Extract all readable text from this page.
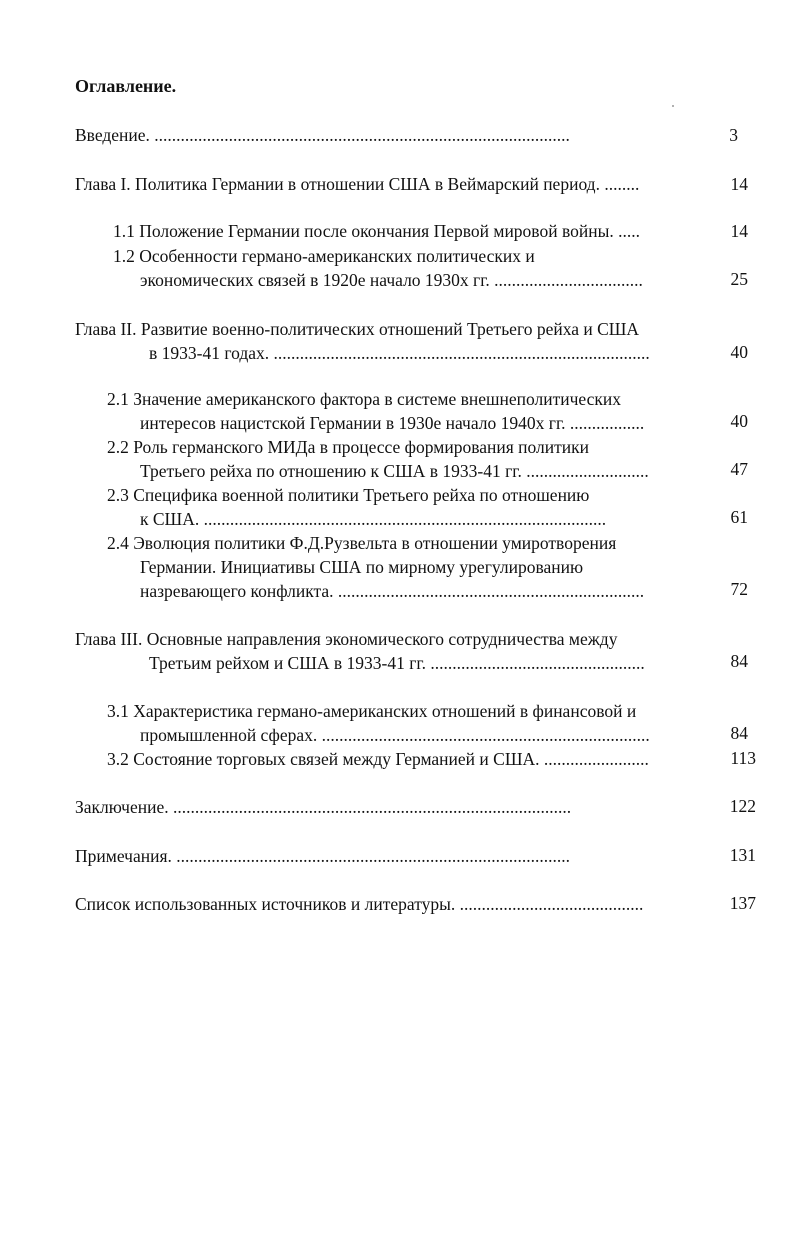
Оглавление.
Введение. ...............................................................................................	3
Глава I. Политика Германии в отношении США в Веймарский период. ........	14
1.1 Положение Германии после окончания Первой мировой войны. .....	14
1.2 Особенности германо-американских политических и
экономических связей в 1920е начало 1930х гг. ..................................	25
Глава II. Развитие военно-политических отношений Третьего рейха и США
в 1933-41 годах. ......................................................................................	40
2.1 Значение американского фактора в системе внешнеполитических
интересов нацистской Германии в 1930е начало 1940х гг. .................	40
2.2 Роль германского МИДа в процессе формирования политики
Третьего рейха по отношению к США в 1933-41 гг. ............................	47
2.3 Специфика военной политики Третьего рейха по отношению
к США. ............................................................................................	61
2.4 Эволюция политики Ф.Д.Рузвельта в отношении умиротворения
Германии. Инициативы США по мирному урегулированию
назревающего конфликта. ......................................................................	72
Глава III. Основные направления экономического сотрудничества между
Третьим рейхом и США в 1933-41 гг. .................................................	84
3.1 Характеристика германо-американских отношений в финансовой и
промышленной сферах. ...........................................................................	84
3.2 Состояние торговых связей между Германией и США. ........................	113
Заключение. ...........................................................................................	122
Примечания. ..........................................................................................	131
Список использованных источников и литературы. ..........................................	137
